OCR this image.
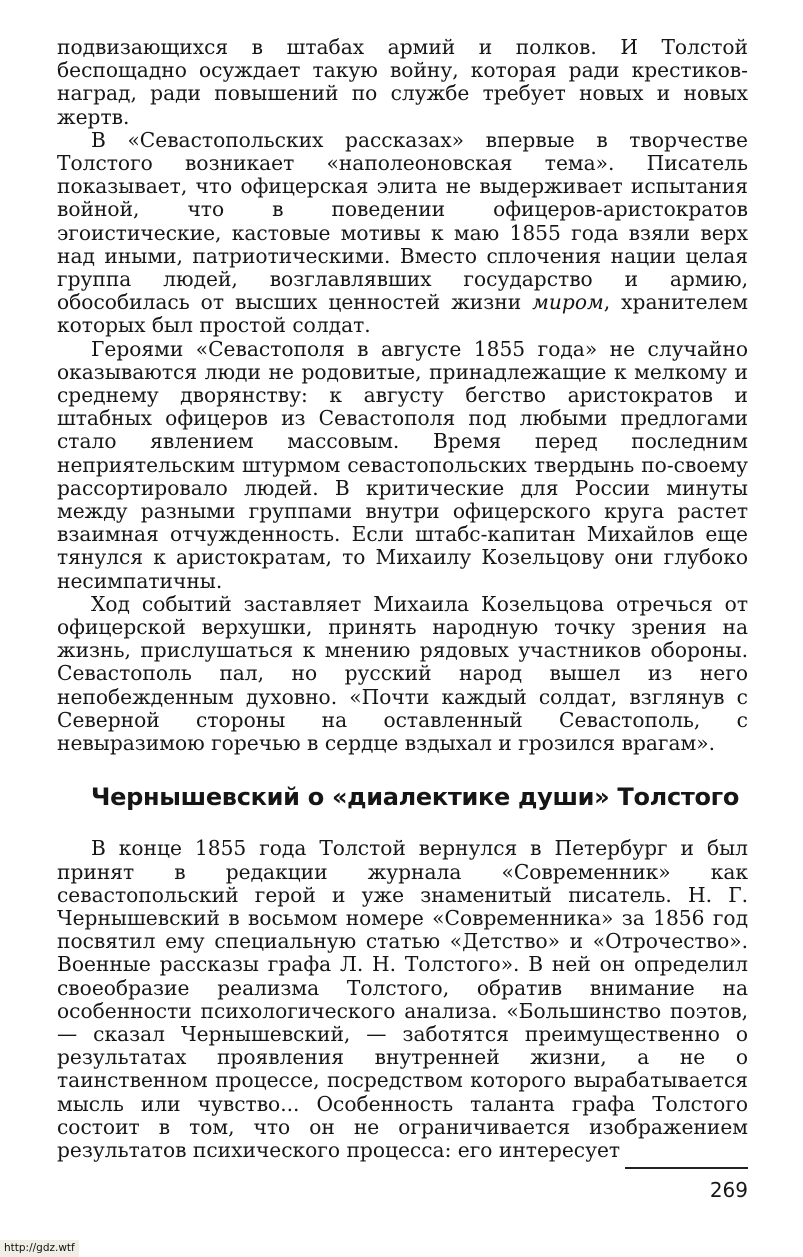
подвизающихся в штабах армий и полков. И Толстой беспощадно осуждает такую войну, которая ради крестиков-наград, ради повышений по службе требует новых и новых жертв.

В «Севастопольских рассказах» впервые в творчестве Толстого возникает «наполеоновская тема». Писатель показывает, что офицерская элита не выдерживает испытания войной, что в поведении офицеров-аристократов эгоистические, кастовые мотивы к маю 1855 года взяли верх над иными, патриотическими. Вместо сплочения нации целая группа людей, возглавлявших государство и армию, обособилась от высших ценностей жизни миром, хранителем которых был простой солдат.

Героями «Севастополя в августе 1855 года» не случайно оказываются люди не родовитые, принадлежащие к мелкому и среднему дворянству: к августу бегство аристократов и штабных офицеров из Севастополя под любыми предлогами стало явлением массовым. Время перед последним неприятельским штурмом севастопольских твердынь по-своему рассортировало людей. В критические для России минуты между разными группами внутри офицерского круга растет взаимная отчужденность. Если штабс-капитан Михайлов еще тянулся к аристократам, то Михаилу Козельцову они глубоко несимпатичны.

Ход событий заставляет Михаила Козельцова отречься от офицерской верхушки, принять народную точку зрения на жизнь, прислушаться к мнению рядовых участников обороны. Севастополь пал, но русский народ вышел из него непобежденным духовно. «Почти каждый солдат, взглянув с Северной стороны на оставленный Севастополь, с невыразимою горечью в сердце вздыхал и грозился врагам».

Чернышевский о «диалектике души» Толстого

В конце 1855 года Толстой вернулся в Петербург и был принят в редакции журнала «Современник» как севастопольский герой и уже знаменитый писатель. Н. Г. Чернышевский в восьмом номере «Современника» за 1856 год посвятил ему специальную статью «Детство» и «Отрочество». Военные рассказы графа Л. Н. Толстого». В ней он определил своеобразие реализма Толстого, обратив внимание на особенности психологического анализа. «Большинство поэтов, — сказал Чернышевский, — заботятся преимущественно о результатах проявления внутренней жизни, а не о таинственном процессе, посредством которого вырабатывается мысль или чувство... Особенность таланта графа Толстого состоит в том, что он не ограничивается изображением результатов психического процесса: его интересует

269
http://gdz.wtf
